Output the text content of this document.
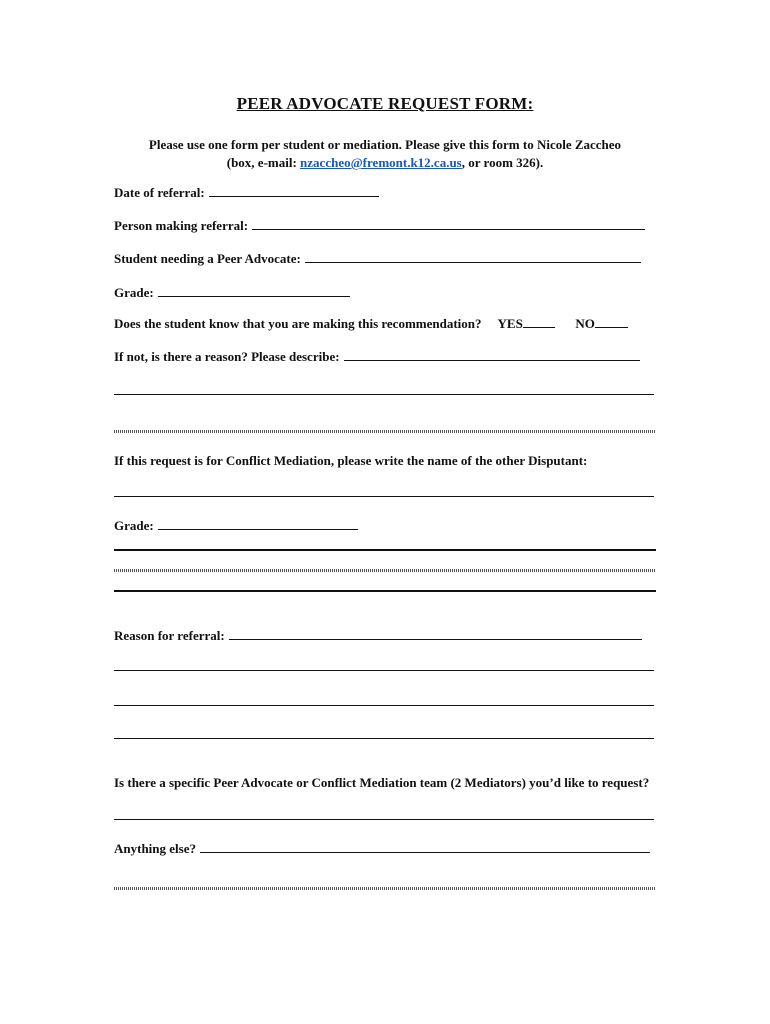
PEER ADVOCATE REQUEST FORM:
Please use one form per student or mediation. Please give this form to Nicole Zaccheo
(box, e-mail: nzaccheo@fremont.k12.ca.us, or room 326).
Date of referral:
Person making referral:
Student needing a Peer Advocate:
Grade:
Does the student know that you are making this recommendation? YES	NO
If not, is there a reason? Please describe:
If this request is for Conflict Mediation, please write the name of the other Disputant:
Grade:
Reason for referral:
Is there a specific Peer Advocate or Conflict Mediation team (2 Mediators) you’d like to request?
Anything else?
